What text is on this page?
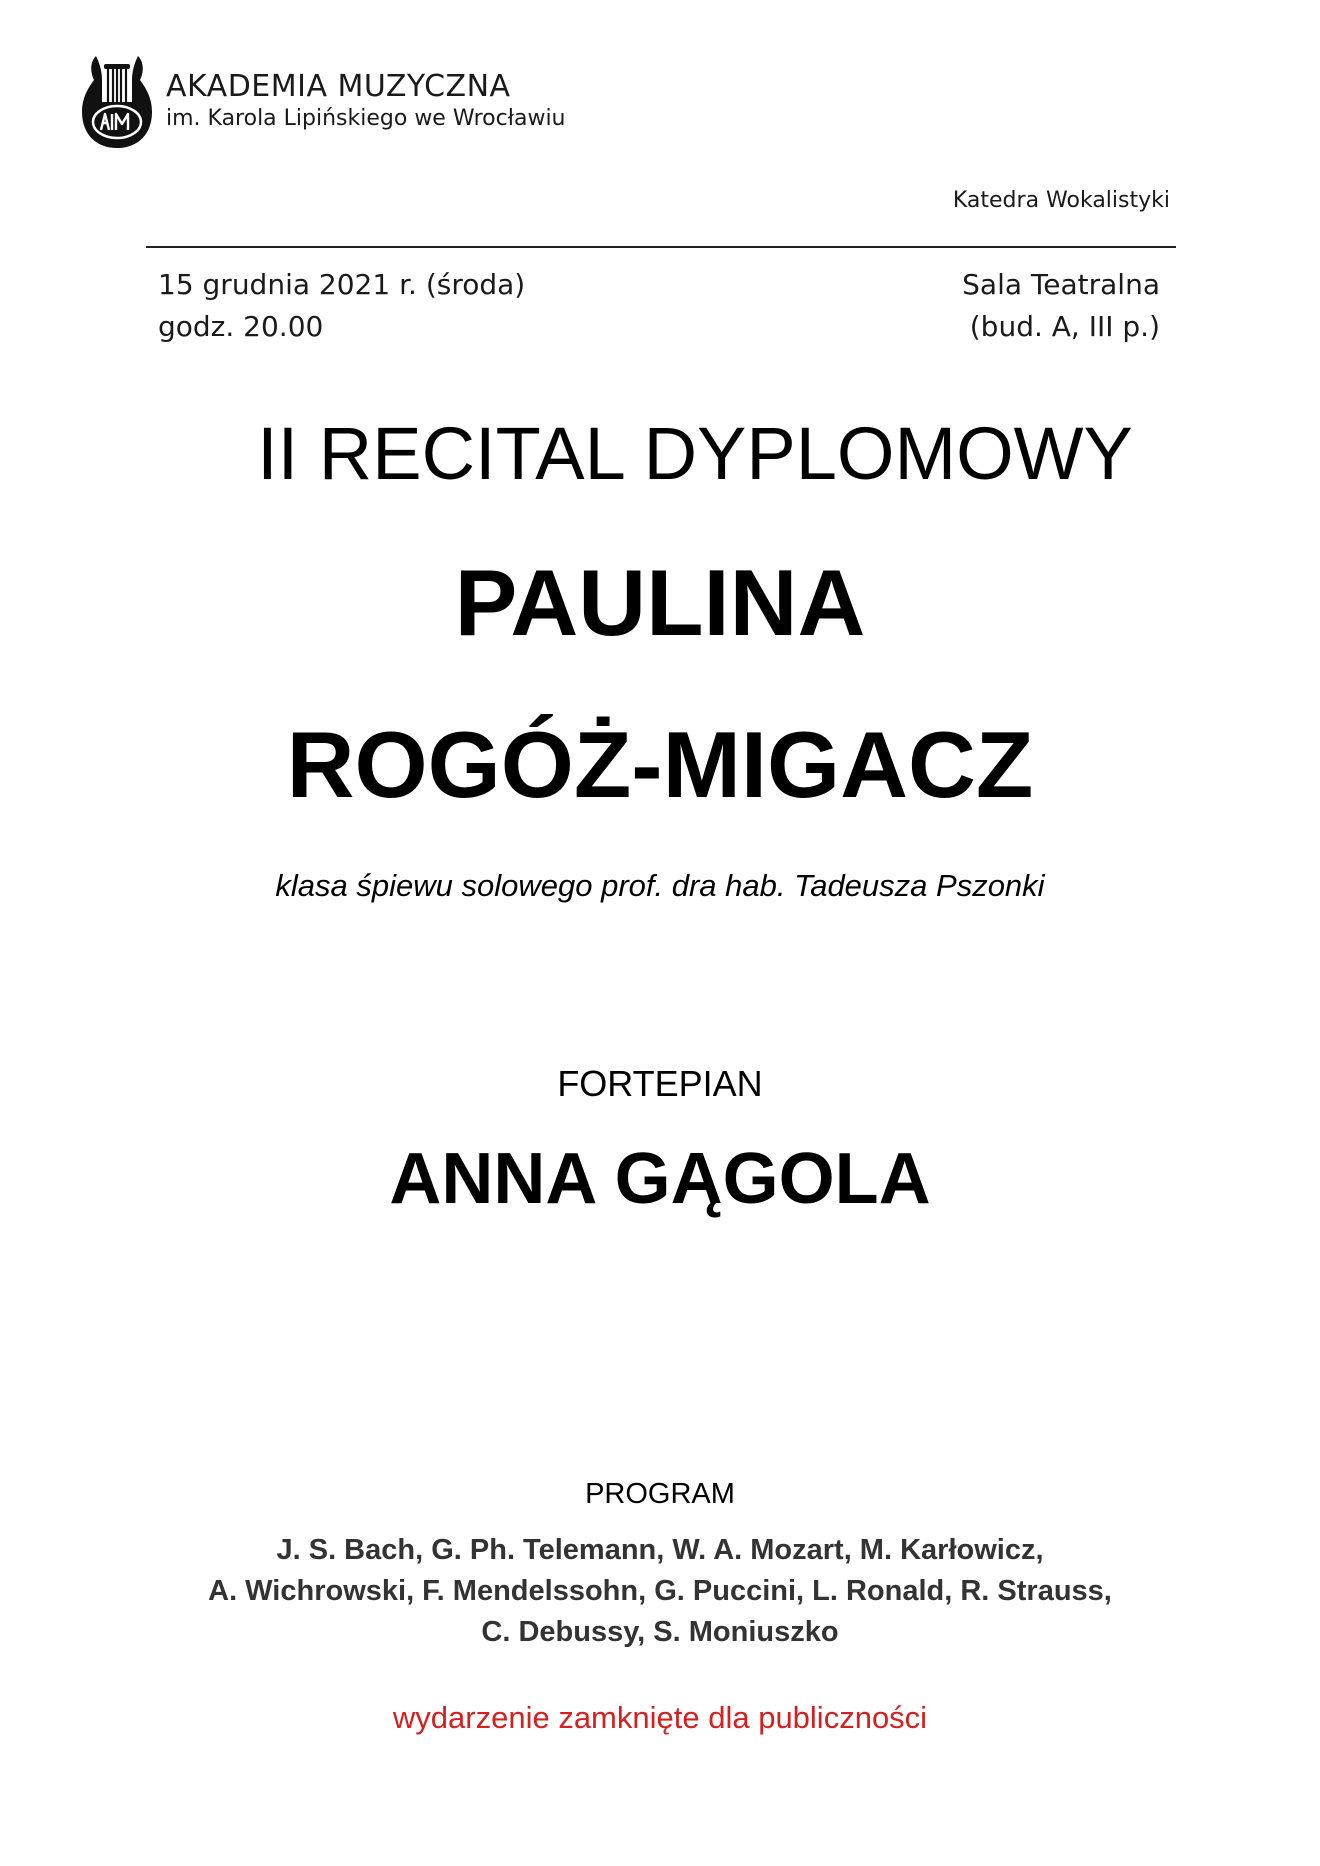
AKADEMIA MUZYCZNA
im. Karola Lipińskiego we Wrocławiu
Katedra Wokalistyki
15 grudnia 2021 r. (środa)
godz. 20.00
Sala Teatralna
(bud. A, III p.)
II RECITAL DYPLOMOWY
PAULINA
ROGÓŻ-MIGACZ
klasa śpiewu solowego prof. dra hab. Tadeusza Pszonki
FORTEPIAN
ANNA GĄGOLA
PROGRAM
J. S. Bach, G. Ph. Telemann, W. A. Mozart, M. Karłowicz,
A. Wichrowski, F. Mendelssohn, G. Puccini, L. Ronald, R. Strauss,
C. Debussy, S. Moniuszko
wydarzenie zamknięte dla publiczności
